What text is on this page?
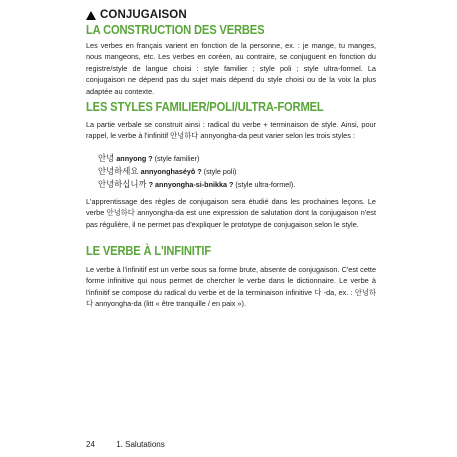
CONJUGAISON
LA CONSTRUCTION DES VERBES
Les verbes en français varient en fonction de la personne, ex. : je mange, tu manges, nous mangeons, etc. Les verbes en coréen, au contraire, se conjuguent en fonction du registre/style de langue choisi : style familier ; style poli ; style ultra-formel. La conjugaison ne dépend pas du sujet mais dépend du style choisi ou de la voix la plus adaptée au contexte.
LES STYLES FAMILIER/POLI/ULTRA-FORMEL
La partie verbale se construit ainsi : radical du verbe + terminaison de style. Ainsi, pour rappel, le verbe à l'infinitif 안녕하다 annyongha-da peut varier selon les trois styles :
안녕 annyong ? (style familier)
안녕하세요 annyonghaséyô ? (style poli)
안녕하십니까 ? annyongha-si-bnikka ? (style ultra-formel).
L'apprentissage des règles de conjugaison sera étudié dans les prochaines leçons. Le verbe 안녕하다 annyongha-da est une expression de salutation dont la conjugaison n'est pas régulière, il ne permet pas d'expliquer le prototype de conjugaison selon le style.
LE VERBE À L'INFINITIF
Le verbe à l'infinitif est un verbe sous sa forme brute, absente de conjugaison. C'est cette forme infinitive qui nous permet de chercher le verbe dans le dictionnaire. Le verbe à l'infinitif se compose du radical du verbe et de la terminaison infinitive 다 -da, ex. : 안녕하다 annyongha-da (litt « être tranquille / en paix »).
24	1. Salutations
